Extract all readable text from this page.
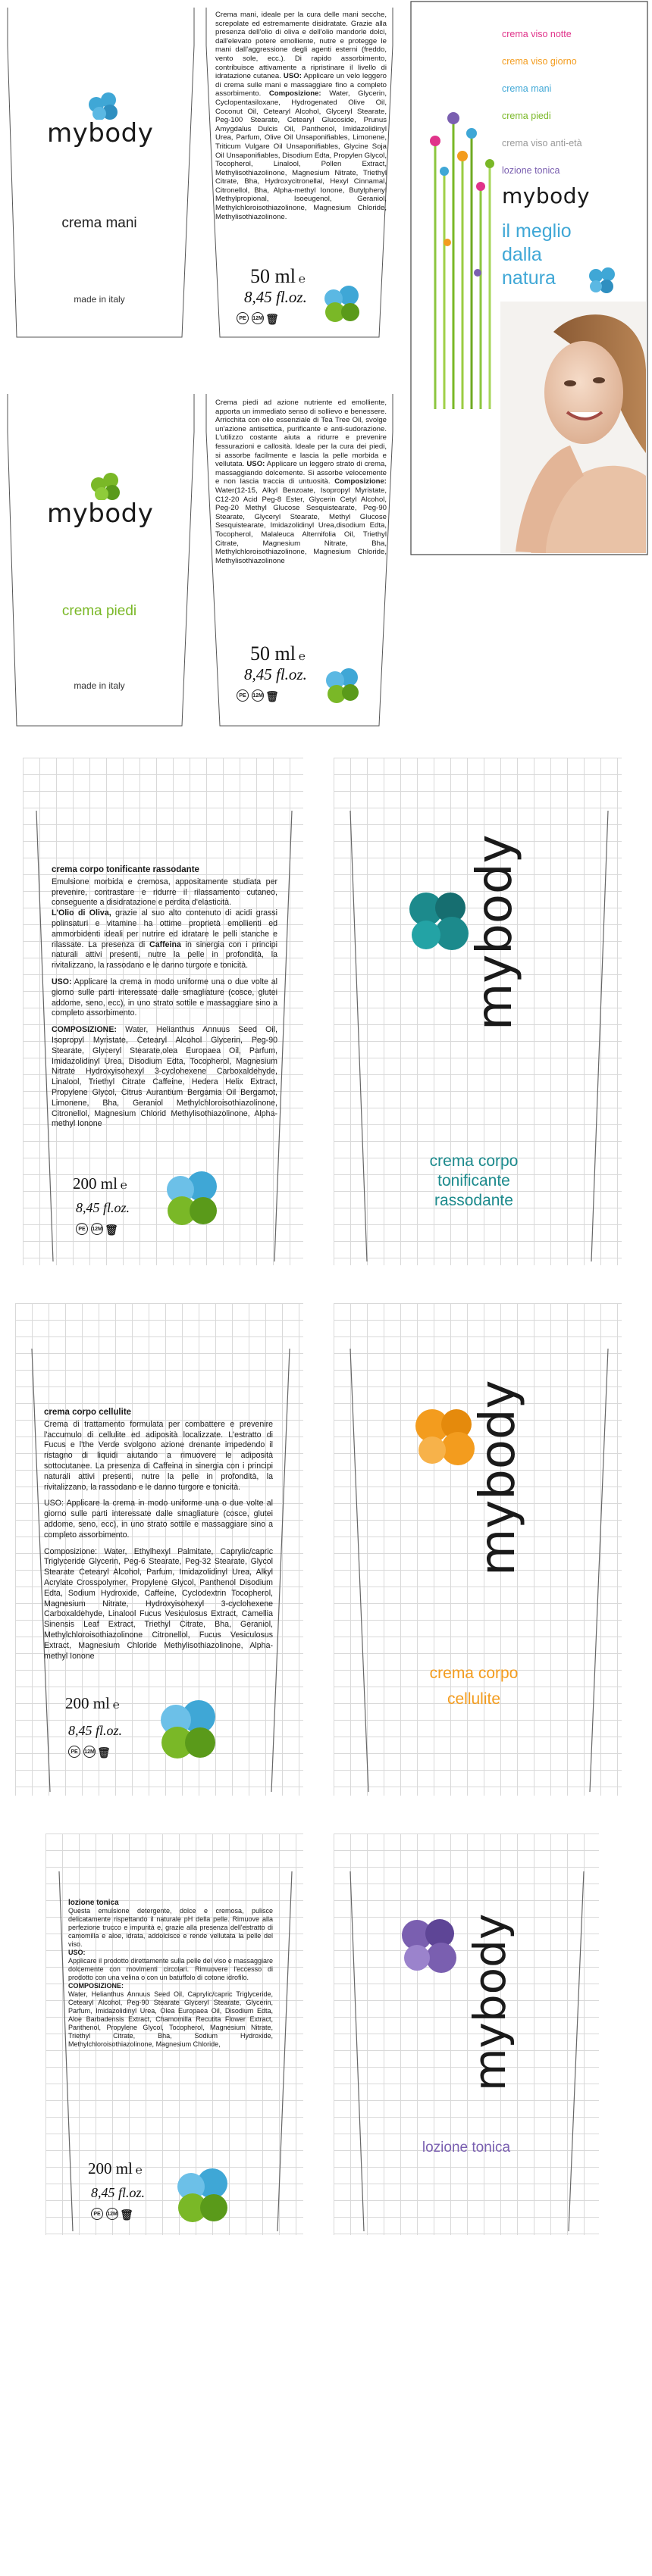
mybody
crema mani
made in italy
Crema mani, ideale per la cura delle mani secche, screpolate ed estremamente disidratate. Grazie alla presenza dell'olio di oliva e dell'olio mandorle dolci, dall'elevato potere emolliente, nutre e protegge le mani dall'aggressione degli agenti esterni (freddo, vento sole, ecc.). Di rapido assorbimento, contribuisce attivamente a ripristinare il livello di idratazione cutanea. USO: Applicare un velo leggero di crema sulle mani e massaggiare fino a completo assorbimento. Composizione: Water, Glycerin, Cyclopentasiloxane, Hydrogenated Olive Oil, Coconut Oil, Cetearyl Alcohol, Glyceryl Stearate, Peg-100 Stearate, Cetearyl Glucoside, Prunus Amygdalus Dulcis Oil, Panthenol, Imidazolidinyl Urea, Parfum, Olive Oil Unsaponifiables, Limonene, Triticum Vulgare Oil Unsaponifiables, Glycine Soja Oil Unsaponifiables, Disodium Edta, Propylen Glycol, Tocopherol, Linalool, Pollen Extract, Methylisothiazolinone, Magnesium Nitrate, Triethyl Citrate, Bha, Hydroxycitronellal, Hexyl Cinnamal, Citronellol, Bha, Alpha-methyl Ionone, Butylphenyl Methylpropional, Isoeugenol, Geraniol, Methylchloroisothiazolinone, Magnesium Chloride, Methylisothiazolinone.
50 ml ℮
8,45 fl.oz.
PE	12M 🗑
crema viso notte
crema viso giorno
crema mani
crema piedi
crema viso anti-età
lozione tonica
mybody
il meglio
dalla
natura
mybody
crema piedi
made in italy
Crema piedi ad azione nutriente ed emolliente, apporta un immediato senso di sollievo e benessere. Arricchita con olio essenziale di Tea Tree Oil, svolge un'azione antisettica, purificante e anti-sudorazione. L'utilizzo costante aiuta a ridurre e prevenire fessurazioni e callosità. Ideale per la cura dei piedi, si assorbe facilmente e lascia la pelle morbida e vellutata. USO: Applicare un leggero strato di crema, massaggiando dolcemente. Si assorbe velocemente e non lascia traccia di untuosità. Composizione: Water(12-15, Alkyl Benzoate, Isopropyl Myristate, C12-20 Acid Peg-8 Ester, Glycerin Cetyl Alcohol, Peg-20 Methyl Glucose Sesquistearate, Peg-90 Stearate, Glyceryl Stearate, Methyl Glucose Sesquistearate, Imidazolidinyl Urea,disodium Edta, Tocopherol, Malaleuca Alternifolia Oil, Triethyl Citrate, Magnesium Nitrate, Bha, Methylchloroisothiazolinone, Magnesium Chloride, Methylisothiazolinone
50 ml ℮
8,45 fl.oz.
PE	12M 🗑
crema corpo tonificante rassodante

Emulsione morbida e cremosa, appositamente studiata per prevenire, contrastare e ridurre il rilassamento cutaneo, conseguente a disidratazione e perdita d'elasticità.
L'Olio di Oliva, grazie al suo alto contenuto di acidi grassi polinsaturi e vitamine ha ottime proprietà emollienti ed ammorbidenti ideali per nutrire ed idratare le pelli stanche e rilassate. La presenza di Caffeina in sinergia con i principi naturali attivi presenti, nutre la pelle in profondità, la rivitalizzano, la rassodano e le danno turgore e tonicità.

USO: Applicare la crema in modo uniforme una o due volte al giorno sulle parti interessate dalle smagliature (cosce, glutei addome, seno, ecc), in uno strato sottile e massaggiare sino a completo assorbimento.

COMPOSIZIONE: Water, Helianthus Annuus Seed Oil, Isopropyl Myristate, Cetearyl Alcohol Glycerin, Peg-90 Stearate, Glyceryl Stearate,olea Europaea Oil, Parfum, Imidazolidinyl Urea, Disodium Edta, Tocopherol, Magnesium Nitrate Hydroxyisohexyl 3-cyclohexene Carboxaldehyde, Linalool, Triethyl Citrate Caffeine, Hedera Helix Extract, Propylene Glycol, Citrus Aurantium Bergamia Oil Bergamot, Limonene, Bha, Geraniol Methylchloroisothiazolinone, Citronellol, Magnesium Chlorid Methylisothiazolinone, Alpha-methyl Ionone

200 ml ℮
8,45 fl.oz.
PE	12M 🗑
mybody
crema corpo
tonificante
rassodante
crema corpo cellulite

Crema di trattamento formulata per combattere e prevenire l'accumulo di cellulite ed adiposità localizzate. L'estratto di Fucus e l'the Verde svolgono azione drenante impedendo il ristagno di liquidi aiutando a rimuovere le adiposità sottocutanee. La presenza di Caffeina in sinergia con i principi naturali attivi presenti, nutre la pelle in profondità, la rivitalizzano, la rassodano e le danno turgore e tonicità.

USO: Applicare la crema in modo uniforme una o due volte al giorno sulle parti interessate dalle smagliature (cosce, glutei addome, seno, ecc), in uno strato sottile e massaggiare sino a completo assorbimento.

Composizione: Water, Ethylhexyl Palmitate, Caprylic/capric Triglyceride Glycerin, Peg-6 Stearate, Peg-32 Stearate, Glycol Stearate Cetearyl Alcohol, Parfum, Imidazolidinyl Urea, Alkyl Acrylate Crosspolymer, Propylene Glycol, Panthenol Disodium Edta, Sodium Hydroxide, Caffeine, Cyclodextrin Tocopherol, Magnesium Nitrate, Hydroxyisohexyl 3-cyclohexene Carboxaldehyde, Linalool Fucus Vesiculosus Extract, Camellia Sinensis Leaf Extract, Triethyl Citrate, Bha, Geraniol, Methylchloroisothiazolinone Citronellol, Fucus Vesiculosus Extract, Magnesium Chloride Methylisothiazolinone, Alpha-methyl Ionone

200 ml ℮
8,45 fl.oz.
PE	12M 🗑
mybody
crema corpo
cellulite
lozione tonica
Questa emulsione detergente, dolce e cremosa, pulisce delicatamente rispettando il naturale pH della pelle. Rimuove alla perfezione trucco e impurità e, grazie alla presenza dell'estratto di camomilla e aloe, idrata, addolcisce e rende vellutata la pelle del viso.
USO:
Applicare il prodotto direttamente sulla pelle del viso e massaggiare dolcemente con movimenti circolari. Rimuovere l'eccesso di prodotto con una velina o con un batuffolo di cotone idrofilo.
COMPOSIZIONE:
Water, Helianthus Annuus Seed Oil, Caprylic/capric Triglyceride, Cetearyl Alcohol, Peg-90 Stearate Glyceryl Stearate, Glycerin, Parfum, Imidazolidinyl Urea, Olea Europaea Oil, Disodium Edta, Aloe Barbadensis Extract, Chamomilla Recutita Flower Extract, Panthenol, Propylene Glycol, Tocopherol, Magnesium Nitrate, Triethyl Citrate, Bha, Sodium Hydroxide, Methylchloroisothiazolinone, Magnesium Chloride,
200 ml ℮
8,45 fl.oz.
PE	12M 🗑
mybody
lozione tonica
